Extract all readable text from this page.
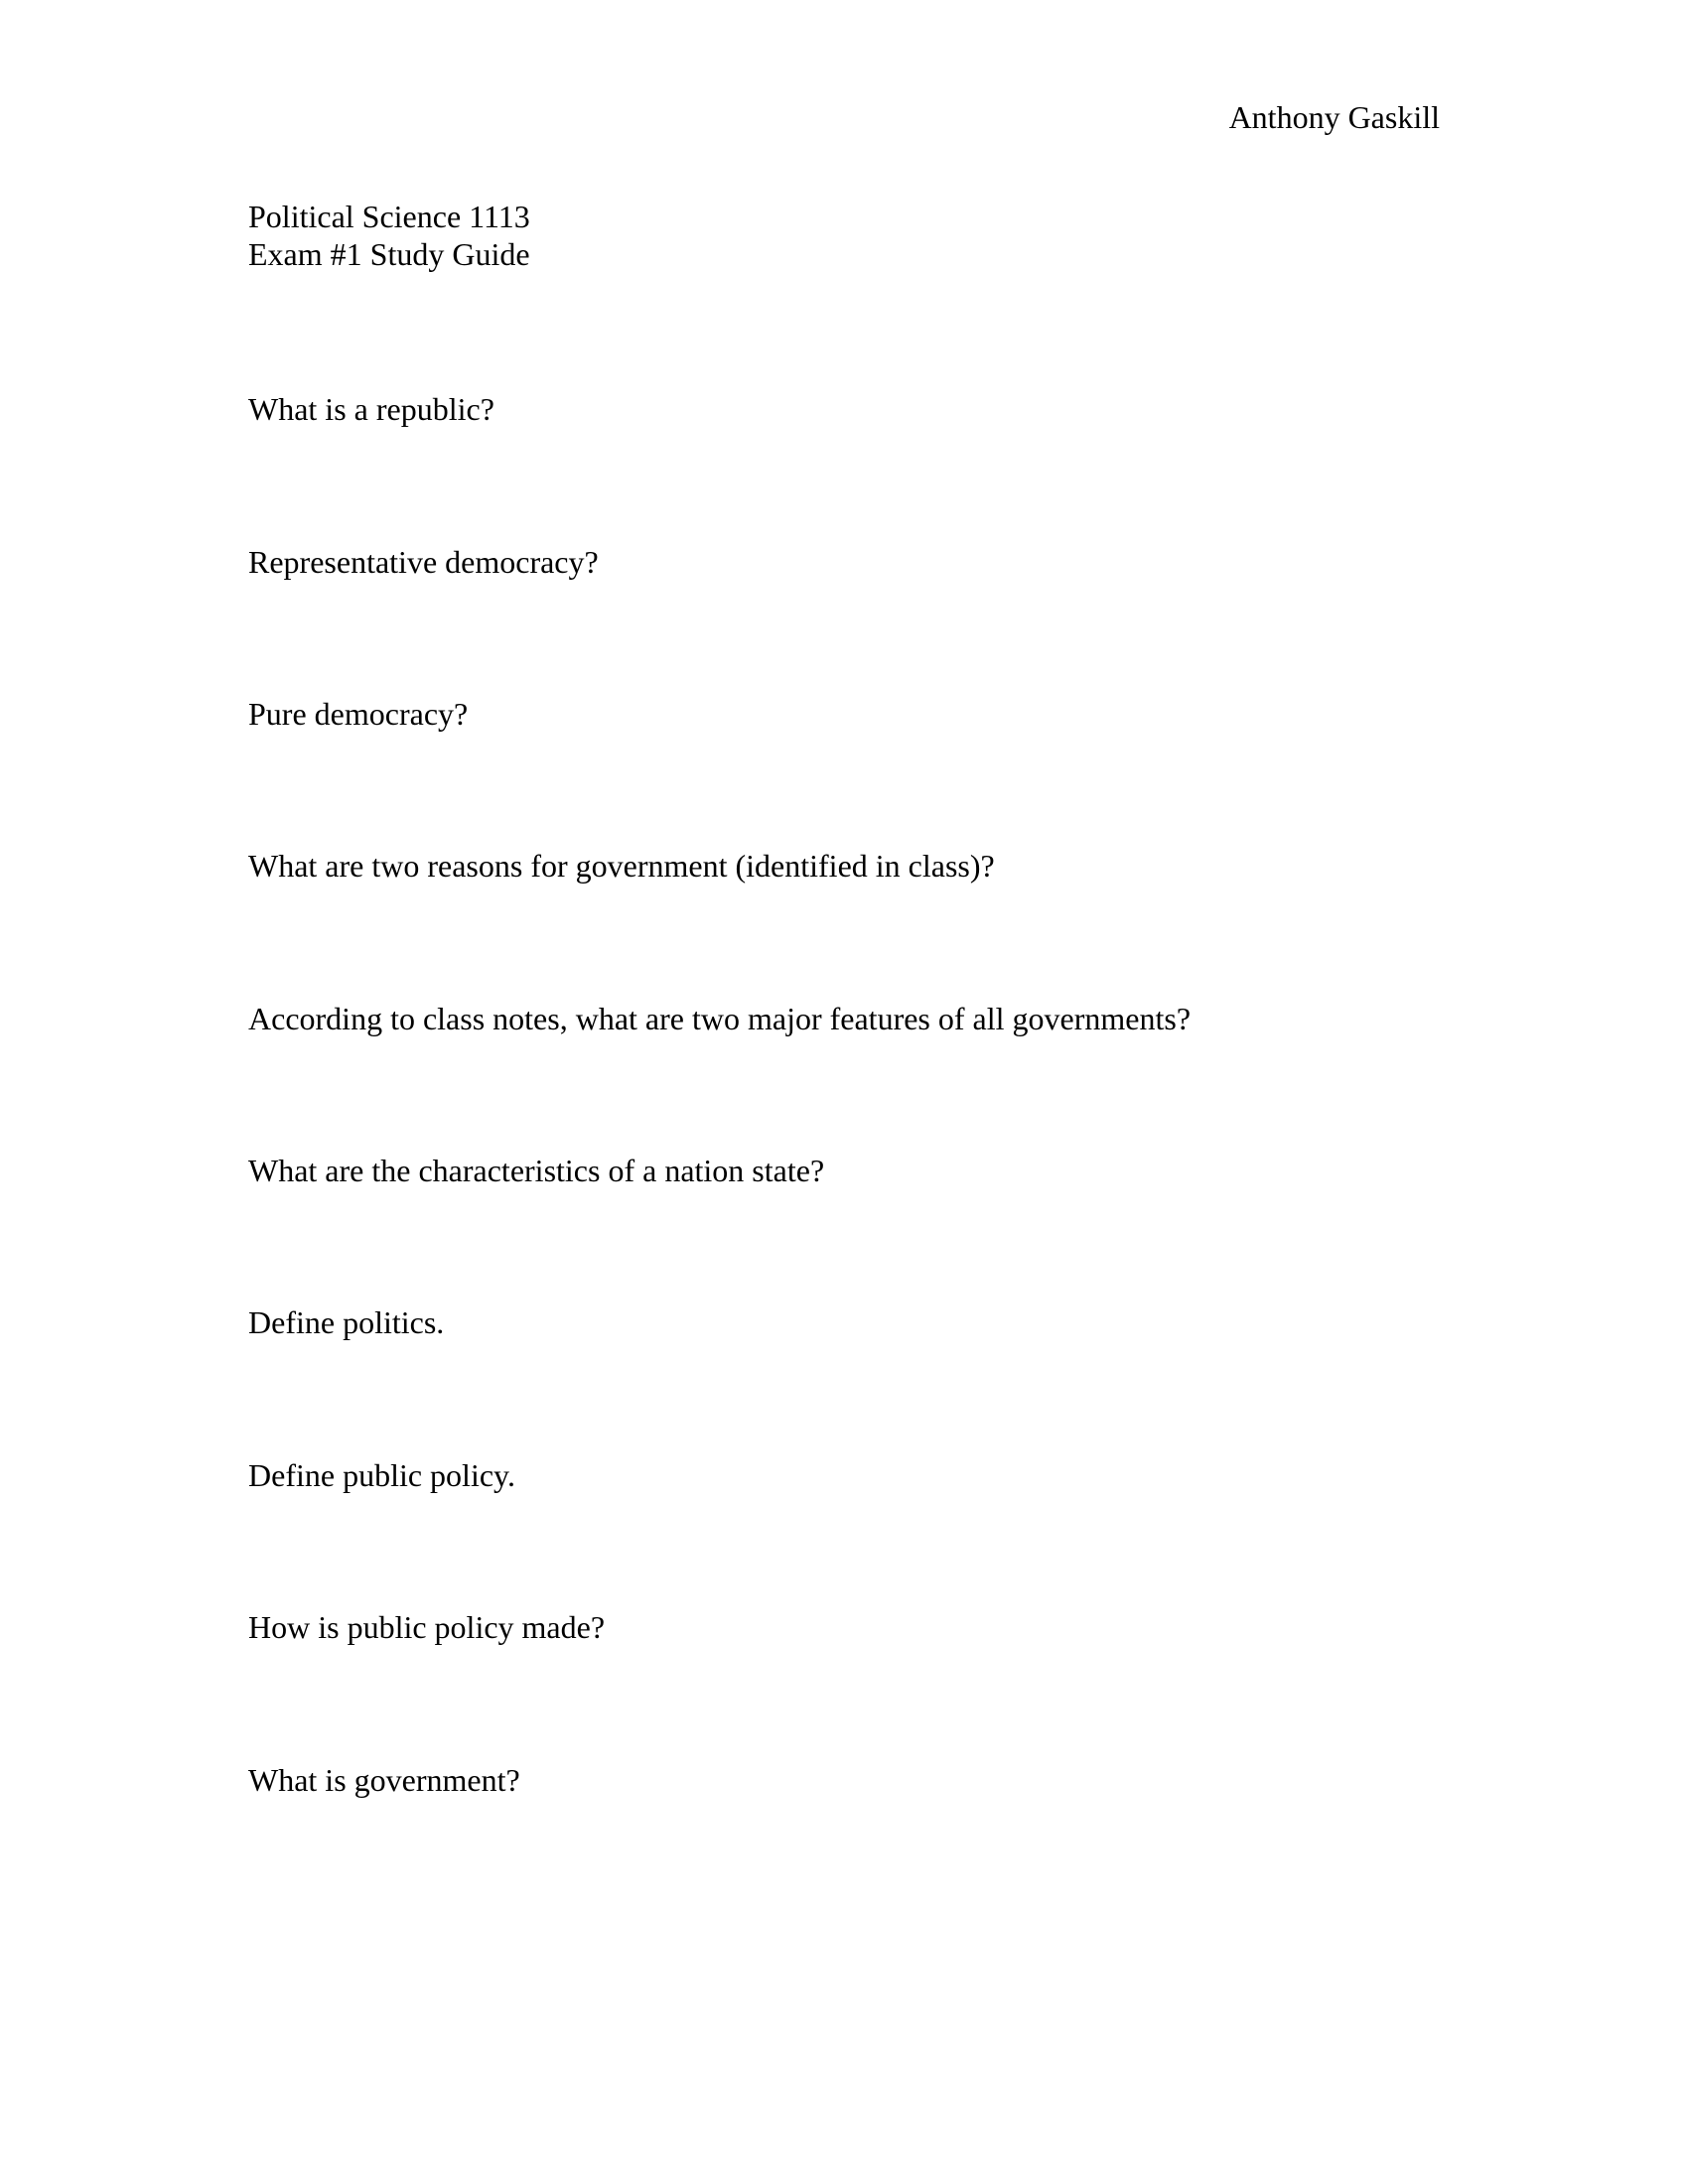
Anthony Gaskill
Political Science 1113
Exam #1 Study Guide
What is a republic?
Representative democracy?
Pure democracy?
What are two reasons for government (identified in class)?
According to class notes, what are two major features of all governments?
What are the characteristics of a nation state?
Define politics.
Define public policy.
How is public policy made?
What is government?
